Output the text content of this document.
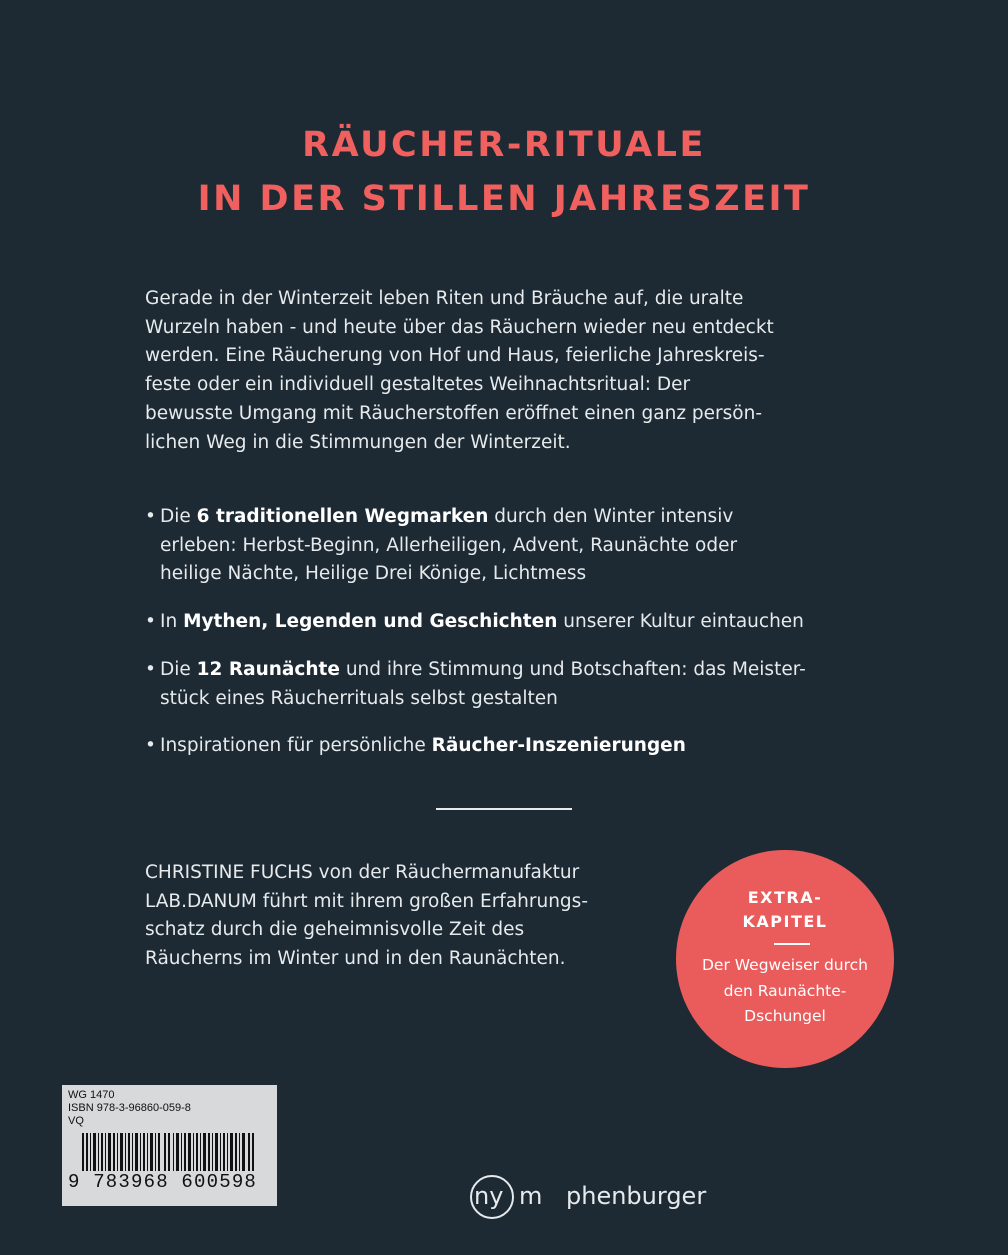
RÄUCHER-RITUALE
IN DER STILLEN JAHRESZEIT
Gerade in der Winterzeit leben Riten und Bräuche auf, die uralte
Wurzeln haben - und heute über das Räuchern wieder neu entdeckt
werden. Eine Räucherung von Hof und Haus, feierliche Jahreskreis-
feste oder ein individuell gestaltetes Weihnachtsritual: Der
bewusste Umgang mit Räucherstoffen eröffnet einen ganz persön-
lichen Weg in die Stimmungen der Winterzeit.
• Die 6 traditionellen Wegmarken durch den Winter intensiv
erleben: Herbst-Beginn, Allerheiligen, Advent, Raunächte oder
heilige Nächte, Heilige Drei Könige, Lichtmess
• In Mythen, Legenden und Geschichten unserer Kultur eintauchen
• Die 12 Raunächte und ihre Stimmung und Botschaften: das Meister-
stück eines Räucherrituals selbst gestalten
• Inspirationen für persönliche Räucher-Inszenierungen
CHRISTINE FUCHS von der Räuchermanufaktur
LAB.DANUM führt mit ihrem großen Erfahrungs-
schatz durch die geheimnisvolle Zeit des
Räucherns im Winter und in den Raunächten.
EXTRA-
KAPITEL
Der Wegweiser durch
den Raunächte-
Dschungel
WG 1470
ISBN 978-3-96860-059-8
VQ
9 783968 600598	ny m phenburger
